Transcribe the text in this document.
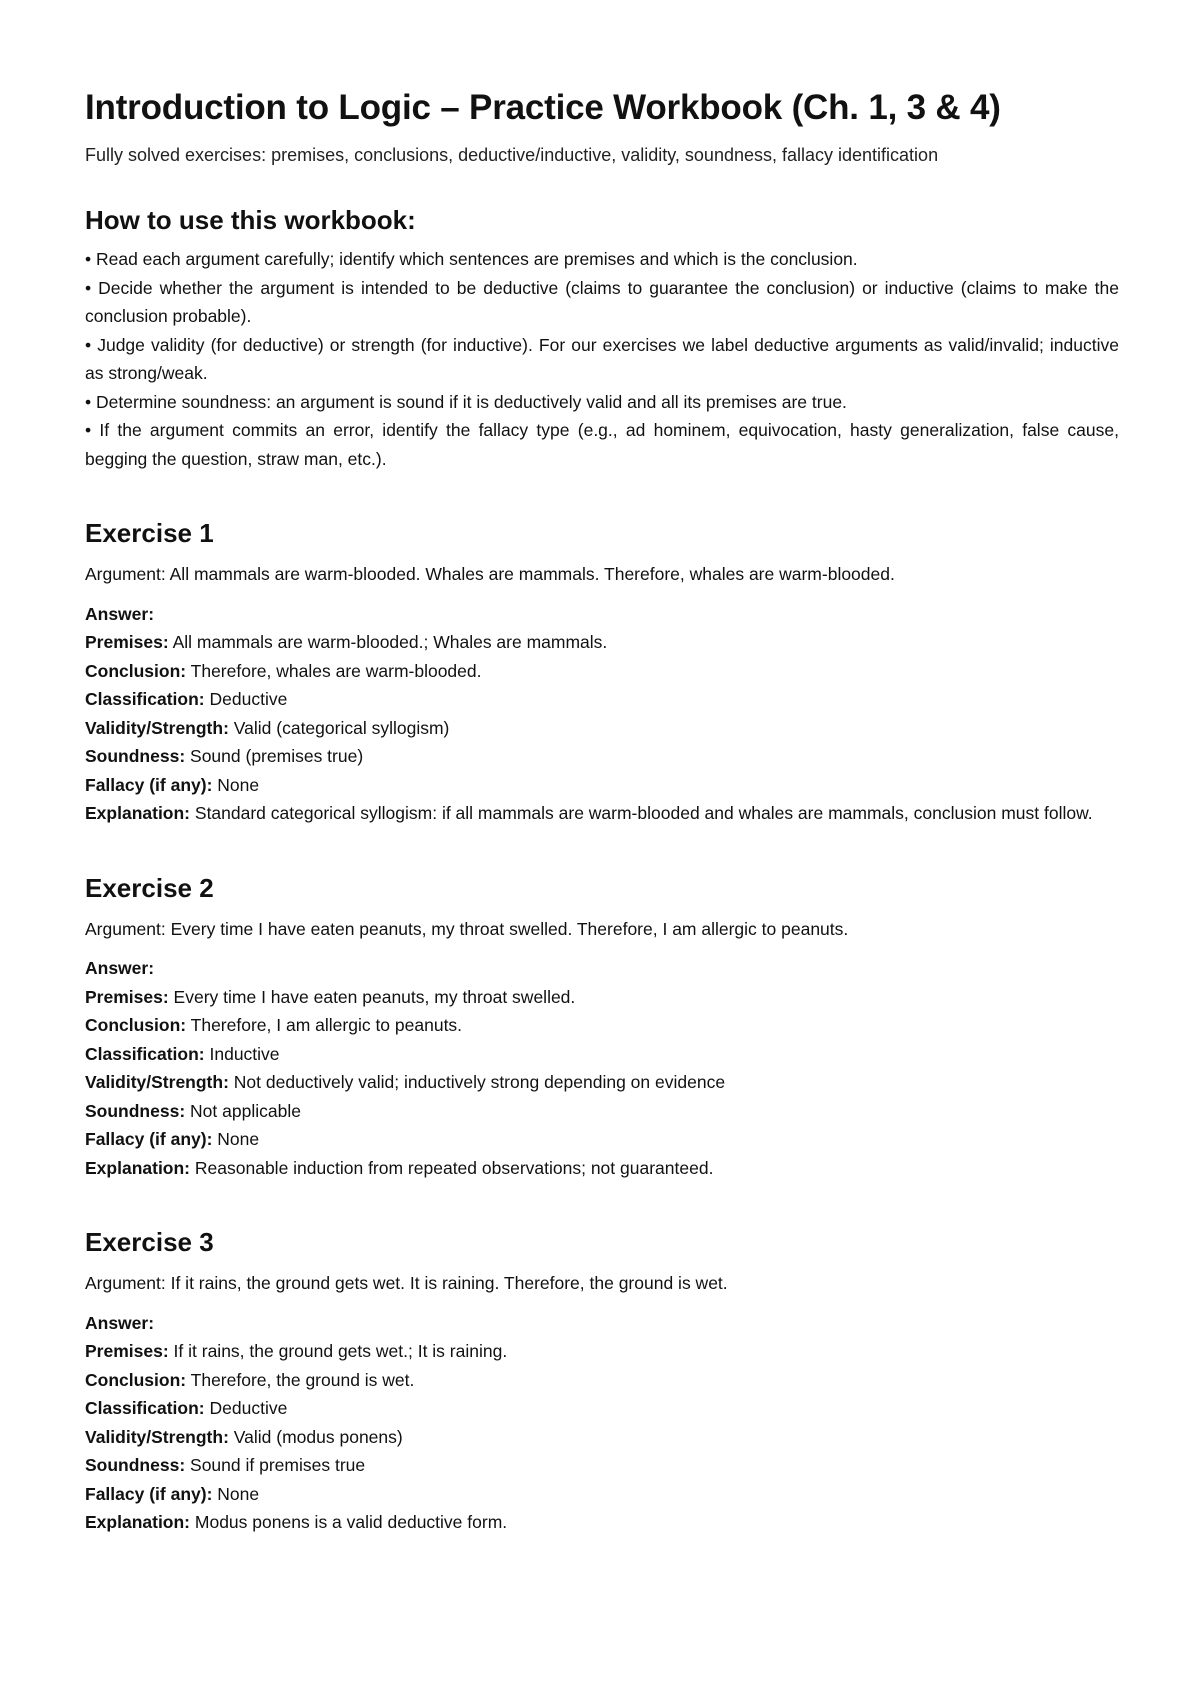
Introduction to Logic – Practice Workbook (Ch. 1, 3 & 4)

Fully solved exercises: premises, conclusions, deductive/inductive, validity, soundness, fallacy identification

How to use this workbook:
• Read each argument carefully; identify which sentences are premises and which is the conclusion.
• Decide whether the argument is intended to be deductive (claims to guarantee the conclusion) or inductive (claims to make the conclusion probable).
• Judge validity (for deductive) or strength (for inductive). For our exercises we label deductive arguments as valid/invalid; inductive as strong/weak.
• Determine soundness: an argument is sound if it is deductively valid and all its premises are true.
• If the argument commits an error, identify the fallacy type (e.g., ad hominem, equivocation, hasty generalization, false cause, begging the question, straw man, etc.).
Exercise 1

Argument: All mammals are warm-blooded. Whales are mammals. Therefore, whales are warm-blooded.

Answer:

Premises: All mammals are warm-blooded.; Whales are mammals.

Conclusion: Therefore, whales are warm-blooded.

Classification: Deductive

Validity/Strength: Valid (categorical syllogism)

Soundness: Sound (premises true)

Fallacy (if any): None

Explanation: Standard categorical syllogism: if all mammals are warm-blooded and whales are mammals, conclusion must follow.

Exercise 2

Argument: Every time I have eaten peanuts, my throat swelled. Therefore, I am allergic to peanuts.

Answer:

Premises: Every time I have eaten peanuts, my throat swelled.

Conclusion: Therefore, I am allergic to peanuts.

Classification: Inductive

Validity/Strength: Not deductively valid; inductively strong depending on evidence

Soundness: Not applicable

Fallacy (if any): None

Explanation: Reasonable induction from repeated observations; not guaranteed.

Exercise 3

Argument: If it rains, the ground gets wet. It is raining. Therefore, the ground is wet.

Answer:

Premises: If it rains, the ground gets wet.; It is raining.

Conclusion: Therefore, the ground is wet.

Classification: Deductive

Validity/Strength: Valid (modus ponens)

Soundness: Sound if premises true

Fallacy (if any): None

Explanation: Modus ponens is a valid deductive form.
